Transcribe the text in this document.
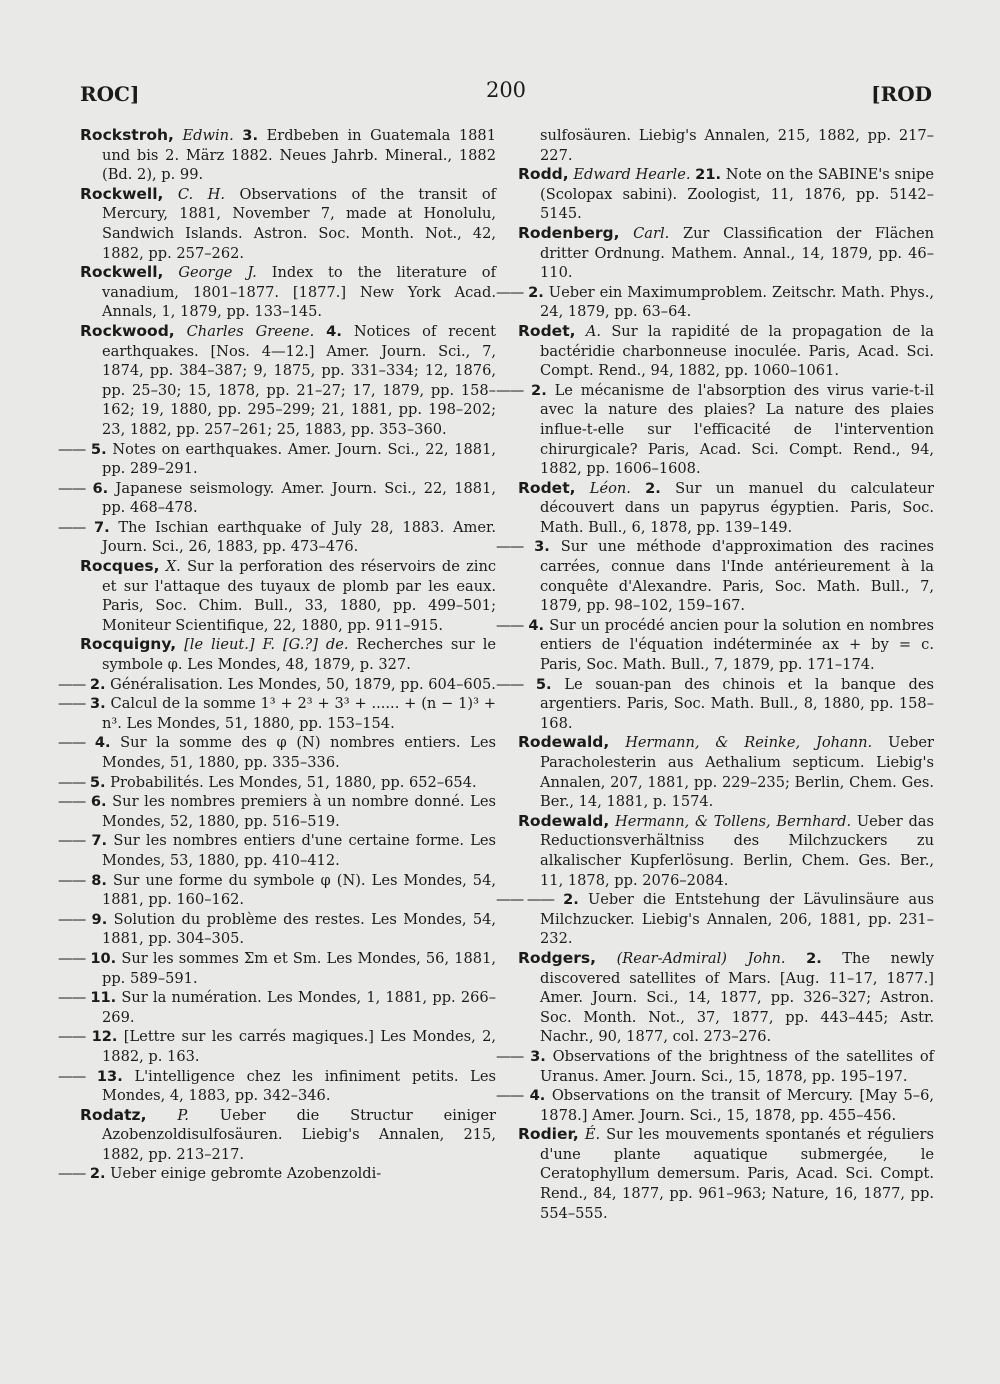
ROC]	200	[ROD
Rockstroh, Edwin. 3. Erdbeben in Guatemala 1881 und bis 2. März 1882. Neues Jahrb. Mineral., 1882 (Bd. 2), p. 99.
Rockwell, C. H. Observations of the transit of Mercury, 1881, November 7, made at Honolulu, Sandwich Islands. Astron. Soc. Month. Not., 42, 1882, pp. 257–262.
Rockwell, George J. Index to the literature of vanadium, 1801–1877. [1877.] New York Acad. Annals, 1, 1879, pp. 133–145.
Rockwood, Charles Greene. 4. Notices of recent earthquakes. [Nos. 4—12.] Amer. Journ. Sci., 7, 1874, pp. 384–387; 9, 1875, pp. 331–334; 12, 1876, pp. 25–30; 15, 1878, pp. 21–27; 17, 1879, pp. 158–162; 19, 1880, pp. 295–299; 21, 1881, pp. 198–202; 23, 1882, pp. 257–261; 25, 1883, pp. 353–360.
—— 5. Notes on earthquakes. Amer. Journ. Sci., 22, 1881, pp. 289–291.
—— 6. Japanese seismology. Amer. Journ. Sci., 22, 1881, pp. 468–478.
—— 7. The Ischian earthquake of July 28, 1883. Amer. Journ. Sci., 26, 1883, pp. 473–476.
Rocques, X. Sur la perforation des réservoirs de zinc et sur l'attaque des tuyaux de plomb par les eaux. Paris, Soc. Chim. Bull., 33, 1880, pp. 499–501; Moniteur Scientifique, 22, 1880, pp. 911–915.
Rocquigny, [le lieut.] F. [G.?] de. Recherches sur le symbole φ. Les Mondes, 48, 1879, p. 327.
—— 2. Généralisation. Les Mondes, 50, 1879, pp. 604–605.
—— 3. Calcul de la somme 1³ + 2³ + 3³ + ...... + (n − 1)³ + n³. Les Mondes, 51, 1880, pp. 153–154.
—— 4. Sur la somme des φ (N) nombres entiers. Les Mondes, 51, 1880, pp. 335–336.
—— 5. Probabilités. Les Mondes, 51, 1880, pp. 652–654.
—— 6. Sur les nombres premiers à un nombre donné. Les Mondes, 52, 1880, pp. 516–519.
—— 7. Sur les nombres entiers d'une certaine forme. Les Mondes, 53, 1880, pp. 410–412.
—— 8. Sur une forme du symbole φ (N). Les Mondes, 54, 1881, pp. 160–162.
—— 9. Solution du problème des restes. Les Mondes, 54, 1881, pp. 304–305.
—— 10. Sur les sommes Σm et Sm. Les Mondes, 56, 1881, pp. 589–591.
—— 11. Sur la numération. Les Mondes, 1, 1881, pp. 266–269.
—— 12. [Lettre sur les carrés magiques.] Les Mondes, 2, 1882, p. 163.
—— 13. L'intelligence chez les infiniment petits. Les Mondes, 4, 1883, pp. 342–346.
Rodatz, P. Ueber die Structur einiger Azobenzoldisulfosäuren. Liebig's Annalen, 215, 1882, pp. 213–217.
—— 2. Ueber einige gebromte Azobenzoldi-
sulfosäuren. Liebig's Annalen, 215, 1882, pp. 217–227.
Rodd, Edward Hearle. 21. Note on the SABINE's snipe (Scolopax sabini). Zoologist, 11, 1876, pp. 5142–5145.
Rodenberg, Carl. Zur Classification der Flächen dritter Ordnung. Mathem. Annal., 14, 1879, pp. 46–110.
—— 2. Ueber ein Maximumproblem. Zeitschr. Math. Phys., 24, 1879, pp. 63–64.
Rodet, A. Sur la rapidité de la propagation de la bactéridie charbonneuse inoculée. Paris, Acad. Sci. Compt. Rend., 94, 1882, pp. 1060–1061.
—— 2. Le mécanisme de l'absorption des virus varie-t-il avec la nature des plaies? La nature des plaies influe-t-elle sur l'efficacité de l'intervention chirurgicale? Paris, Acad. Sci. Compt. Rend., 94, 1882, pp. 1606–1608.
Rodet, Léon. 2. Sur un manuel du calculateur découvert dans un papyrus égyptien. Paris, Soc. Math. Bull., 6, 1878, pp. 139–149.
—— 3. Sur une méthode d'approximation des racines carrées, connue dans l'Inde antérieurement à la conquête d'Alexandre. Paris, Soc. Math. Bull., 7, 1879, pp. 98–102, 159–167.
—— 4. Sur un procédé ancien pour la solution en nombres entiers de l'équation indéterminée ax + by = c. Paris, Soc. Math. Bull., 7, 1879, pp. 171–174.
—— 5. Le souan-pan des chinois et la banque des argentiers. Paris, Soc. Math. Bull., 8, 1880, pp. 158–168.
Rodewald, Hermann, & Reinke, Johann. Ueber Paracholesterin aus Aethalium septicum. Liebig's Annalen, 207, 1881, pp. 229–235; Berlin, Chem. Ges. Ber., 14, 1881, p. 1574.
Rodewald, Hermann, & Tollens, Bernhard. Ueber das Reductionsverhältniss des Milchzuckers zu alkalischer Kupferlösung. Berlin, Chem. Ges. Ber., 11, 1878, pp. 2076–2084.
—— —— 2. Ueber die Entstehung der Lävulinsäure aus Milchzucker. Liebig's Annalen, 206, 1881, pp. 231–232.
Rodgers, (Rear-Admiral) John. 2. The newly discovered satellites of Mars. [Aug. 11–17, 1877.] Amer. Journ. Sci., 14, 1877, pp. 326–327; Astron. Soc. Month. Not., 37, 1877, pp. 443–445; Astr. Nachr., 90, 1877, col. 273–276.
—— 3. Observations of the brightness of the satellites of Uranus. Amer. Journ. Sci., 15, 1878, pp. 195–197.
—— 4. Observations on the transit of Mercury. [May 5–6, 1878.] Amer. Journ. Sci., 15, 1878, pp. 455–456.
Rodier, É. Sur les mouvements spontanés et réguliers d'une plante aquatique submergée, le Ceratophyllum demersum. Paris, Acad. Sci. Compt. Rend., 84, 1877, pp. 961–963; Nature, 16, 1877, pp. 554–555.
